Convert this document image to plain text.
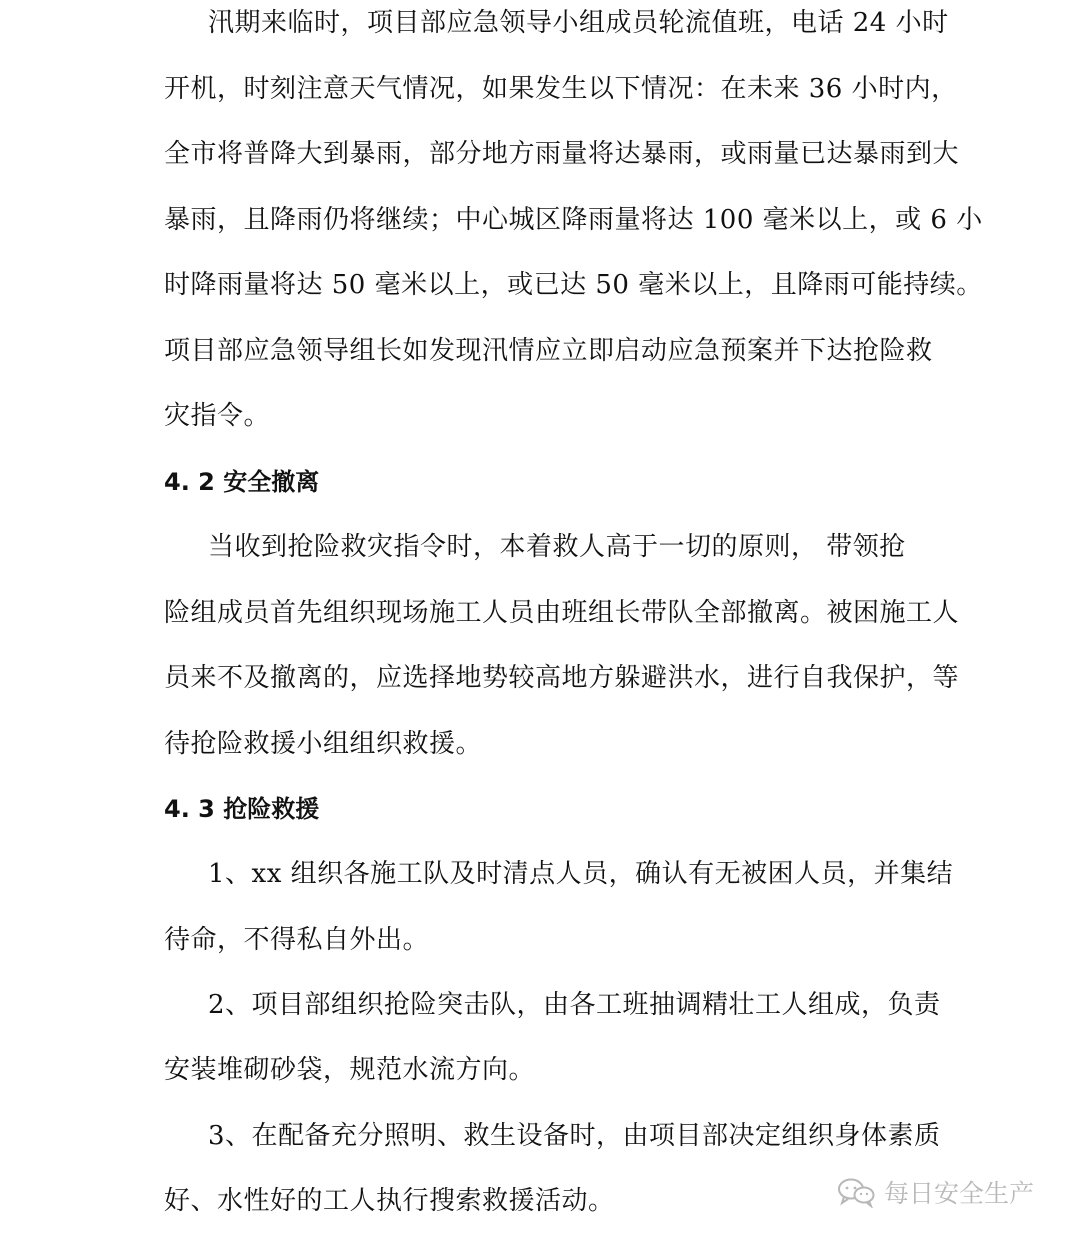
汛期来临时，项目部应急领导小组成员轮流值班，电话 24 小时
开机，时刻注意天气情况，如果发生以下情况：在未来 36 小时内，
全市将普降大到暴雨，部分地方雨量将达暴雨，或雨量已达暴雨到大
暴雨，且降雨仍将继续；中心城区降雨量将达 100 毫米以上，或 6 小
时降雨量将达 50 毫米以上，或已达 50 毫米以上，且降雨可能持续。
项目部应急领导组长如发现汛情应立即启动应急预案并下达抢险救
灾指令。
4. 2 安全撤离
当收到抢险救灾指令时，本着救人高于一切的原则， 带领抢
险组成员首先组织现场施工人员由班组长带队全部撤离。被困施工人
员来不及撤离的，应选择地势较高地方躲避洪水，进行自我保护，等
待抢险救援小组组织救援。
4. 3 抢险救援
1、xx 组织各施工队及时清点人员，确认有无被困人员，并集结
待命，不得私自外出。
2、项目部组织抢险突击队，由各工班抽调精壮工人组成，负责
安装堆砌砂袋，规范水流方向。
3、在配备充分照明、救生设备时，由项目部决定组织身体素质
好、水性好的工人执行搜索救援活动。	每日安全生产
